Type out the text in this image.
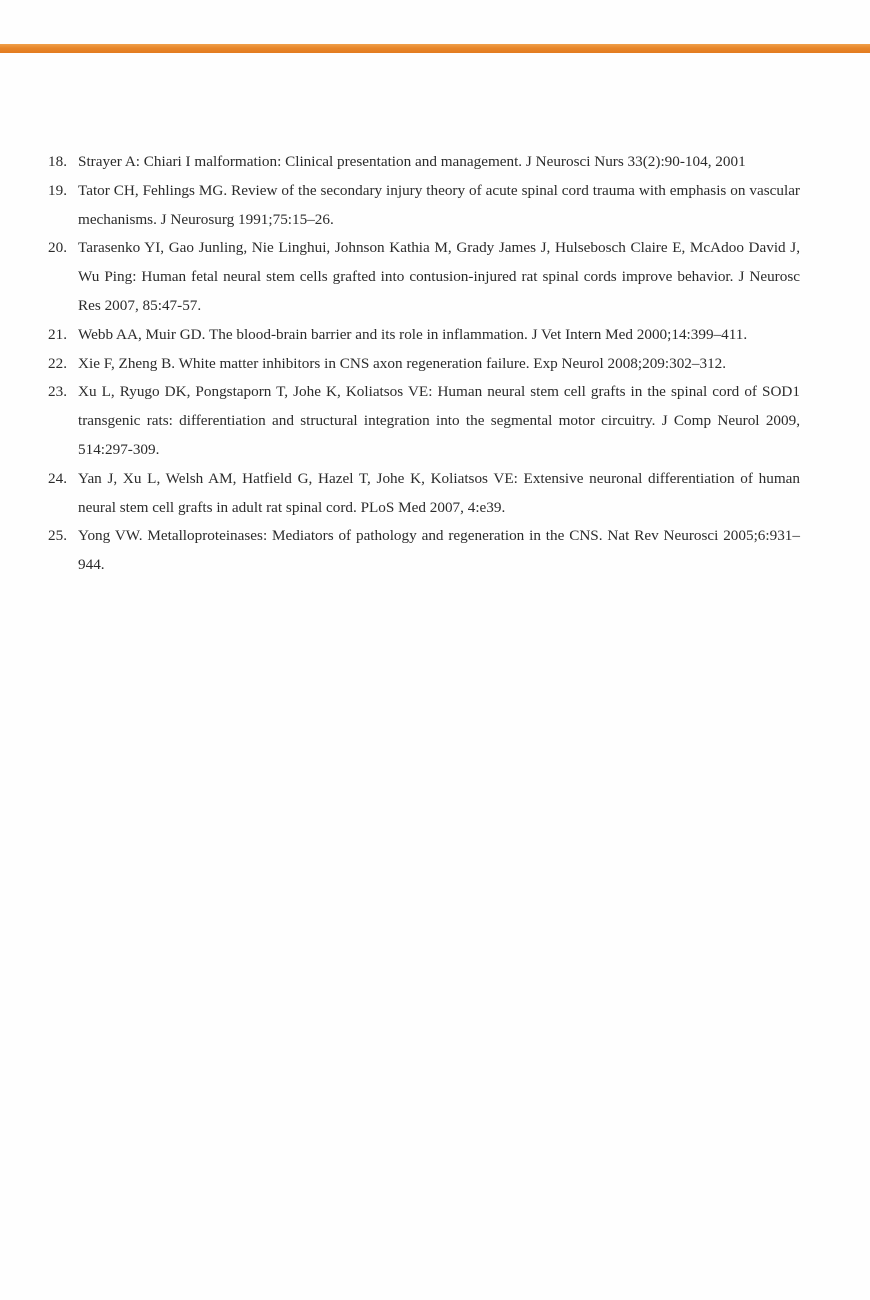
18. Strayer A: Chiari I malformation: Clinical presentation and management. J Neurosci Nurs 33(2):90-104, 2001
19. Tator CH, Fehlings MG. Review of the secondary injury theory of acute spinal cord trauma with emphasis on vascular mechanisms. J Neurosurg 1991;75:15–26.
20. Tarasenko YI, Gao Junling, Nie Linghui, Johnson Kathia M, Grady James J, Hulsebosch Claire E, McAdoo David J, Wu Ping: Human fetal neural stem cells grafted into contusion-injured rat spinal cords improve behavior. J Neurosc Res 2007, 85:47-57.
21. Webb AA, Muir GD. The blood-brain barrier and its role in inflammation. J Vet Intern Med 2000;14:399–411.
22. Xie F, Zheng B. White matter inhibitors in CNS axon regeneration failure. Exp Neurol 2008;209:302–312.
23. Xu L, Ryugo DK, Pongstaporn T, Johe K, Koliatsos VE: Human neural stem cell grafts in the spinal cord of SOD1 transgenic rats: differentiation and structural integration into the segmental motor circuitry. J Comp Neurol 2009, 514:297-309.
24. Yan J, Xu L, Welsh AM, Hatfield G, Hazel T, Johe K, Koliatsos VE: Extensive neuronal differentiation of human neural stem cell grafts in adult rat spinal cord. PLoS Med 2007, 4:e39.
25. Yong VW. Metalloproteinases: Mediators of pathology and regeneration in the CNS. Nat Rev Neurosci 2005;6:931–944.
